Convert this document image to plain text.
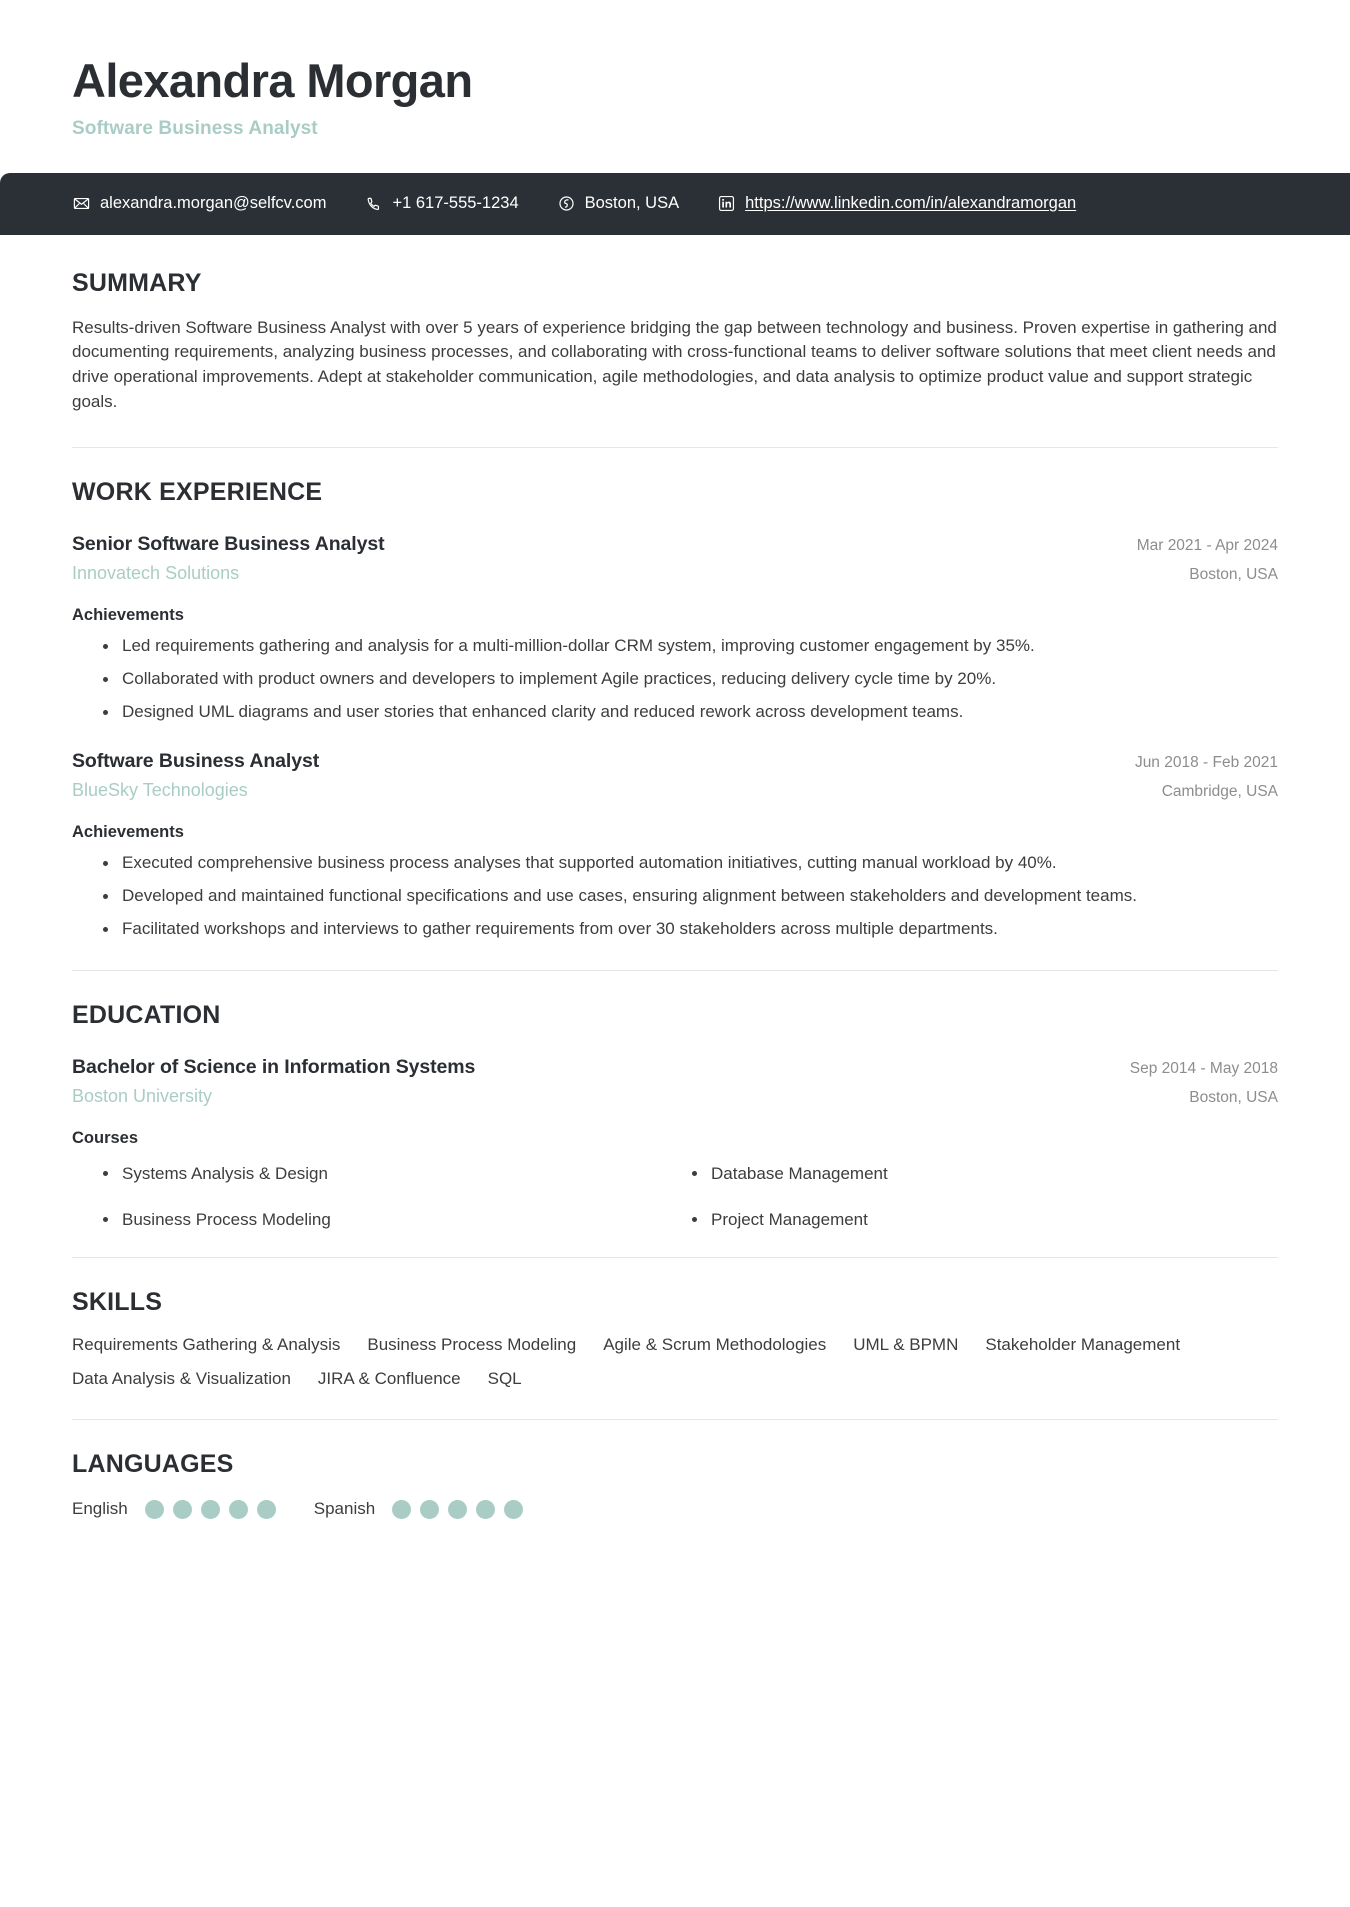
Alexandra Morgan
Software Business Analyst
alexandra.morgan@selfcv.com	+1 617-555-1234	Boston, USA	https://www.linkedin.com/in/alexandramorgan
SUMMARY
Results-driven Software Business Analyst with over 5 years of experience bridging the gap between technology and business. Proven expertise in gathering and documenting requirements, analyzing business processes, and collaborating with cross-functional teams to deliver software solutions that meet client needs and drive operational improvements. Adept at stakeholder communication, agile methodologies, and data analysis to optimize product value and support strategic goals.
WORK EXPERIENCE
Senior Software Business Analyst	Mar 2021 - Apr 2024
Innovatech Solutions	Boston, USA
Achievements
Led requirements gathering and analysis for a multi-million-dollar CRM system, improving customer engagement by 35%.
Collaborated with product owners and developers to implement Agile practices, reducing delivery cycle time by 20%.
Designed UML diagrams and user stories that enhanced clarity and reduced rework across development teams.
Software Business Analyst	Jun 2018 - Feb 2021
BlueSky Technologies	Cambridge, USA
Achievements
Executed comprehensive business process analyses that supported automation initiatives, cutting manual workload by 40%.
Developed and maintained functional specifications and use cases, ensuring alignment between stakeholders and development teams.
Facilitated workshops and interviews to gather requirements from over 30 stakeholders across multiple departments.
EDUCATION
Bachelor of Science in Information Systems	Sep 2014 - May 2018
Boston University	Boston, USA
Courses
Systems Analysis & Design	Database Management
Business Process Modeling	Project Management
SKILLS
Requirements Gathering & Analysis Business Process Modeling Agile & Scrum Methodologies UML & BPMN Stakeholder Management
Data Analysis & Visualization JIRA & Confluence SQL
LANGUAGES
English	Spanish
